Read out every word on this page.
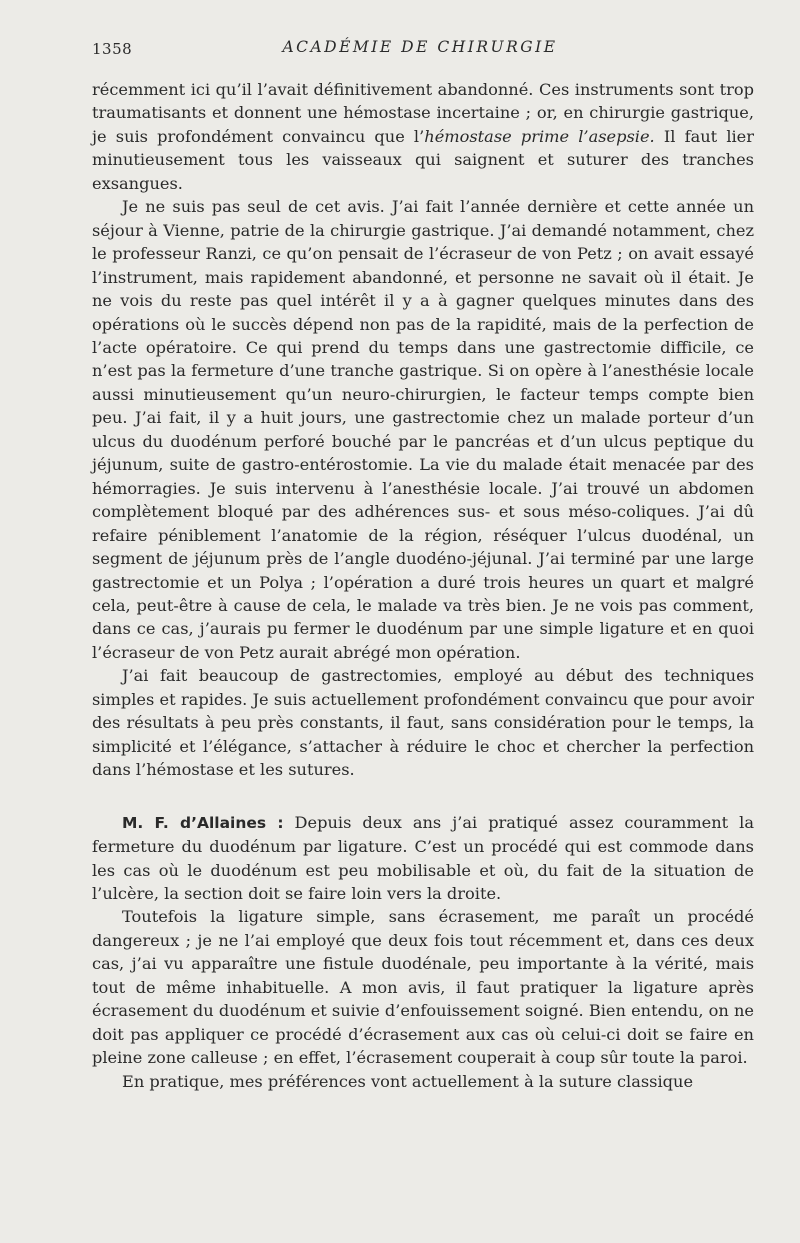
1358	ACADÉMIE DE CHIRURGIE

récemment ici qu’il l’avait définitivement abandonné. Ces instruments sont trop traumatisants et donnent une hémostase incertaine ; or, en chirurgie gastrique, je suis profondément convaincu que l’hémostase prime l’asepsie. Il faut lier minutieusement tous les vaisseaux qui saignent et suturer des tranches exsangues.

Je ne suis pas seul de cet avis. J’ai fait l’année dernière et cette année un séjour à Vienne, patrie de la chirurgie gastrique. J’ai demandé notamment, chez le professeur Ranzi, ce qu’on pensait de l’écraseur de von Petz ; on avait essayé l’instrument, mais rapidement abandonné, et personne ne savait où il était. Je ne vois du reste pas quel intérêt il y a à gagner quelques minutes dans des opérations où le succès dépend non pas de la rapidité, mais de la perfection de l’acte opératoire. Ce qui prend du temps dans une gastrectomie difficile, ce n’est pas la fermeture d’une tranche gastrique. Si on opère à l’anesthésie locale aussi minutieusement qu’un neuro-chirurgien, le facteur temps compte bien peu. J’ai fait, il y a huit jours, une gastrectomie chez un malade porteur d’un ulcus du duodénum perforé bouché par le pancréas et d’un ulcus peptique du jéjunum, suite de gastro-entérostomie. La vie du malade était menacée par des hémorragies. Je suis intervenu à l’anesthésie locale. J’ai trouvé un abdomen complètement bloqué par des adhérences sus- et sous méso-coliques. J’ai dû refaire péniblement l’anatomie de la région, réséquer l’ulcus duodénal, un segment de jéjunum près de l’angle duodéno-jéjunal. J’ai terminé par une large gastrectomie et un Polya ; l’opération a duré trois heures un quart et malgré cela, peut-être à cause de cela, le malade va très bien. Je ne vois pas comment, dans ce cas, j’aurais pu fermer le duodénum par une simple ligature et en quoi l’écraseur de von Petz aurait abrégé mon opération.

J’ai fait beaucoup de gastrectomies, employé au début des techniques simples et rapides. Je suis actuellement profondément convaincu que pour avoir des résultats à peu près constants, il faut, sans considération pour le temps, la simplicité et l’élégance, s’attacher à réduire le choc et chercher la perfection dans l’hémostase et les sutures.

M. F. d’Allaines : Depuis deux ans j’ai pratiqué assez couramment la fermeture du duodénum par ligature. C’est un procédé qui est commode dans les cas où le duodénum est peu mobilisable et où, du fait de la situation de l’ulcère, la section doit se faire loin vers la droite.

Toutefois la ligature simple, sans écrasement, me paraît un procédé dangereux ; je ne l’ai employé que deux fois tout récemment et, dans ces deux cas, j’ai vu apparaître une fistule duodénale, peu importante à la vérité, mais tout de même inhabituelle. A mon avis, il faut pratiquer la ligature après écrasement du duodénum et suivie d’enfouissement soigné. Bien entendu, on ne doit pas appliquer ce procédé d’écrasement aux cas où celui-ci doit se faire en pleine zone calleuse ; en effet, l’écrasement couperait à coup sûr toute la paroi.

En pratique, mes préférences vont actuellement à la suture classique
